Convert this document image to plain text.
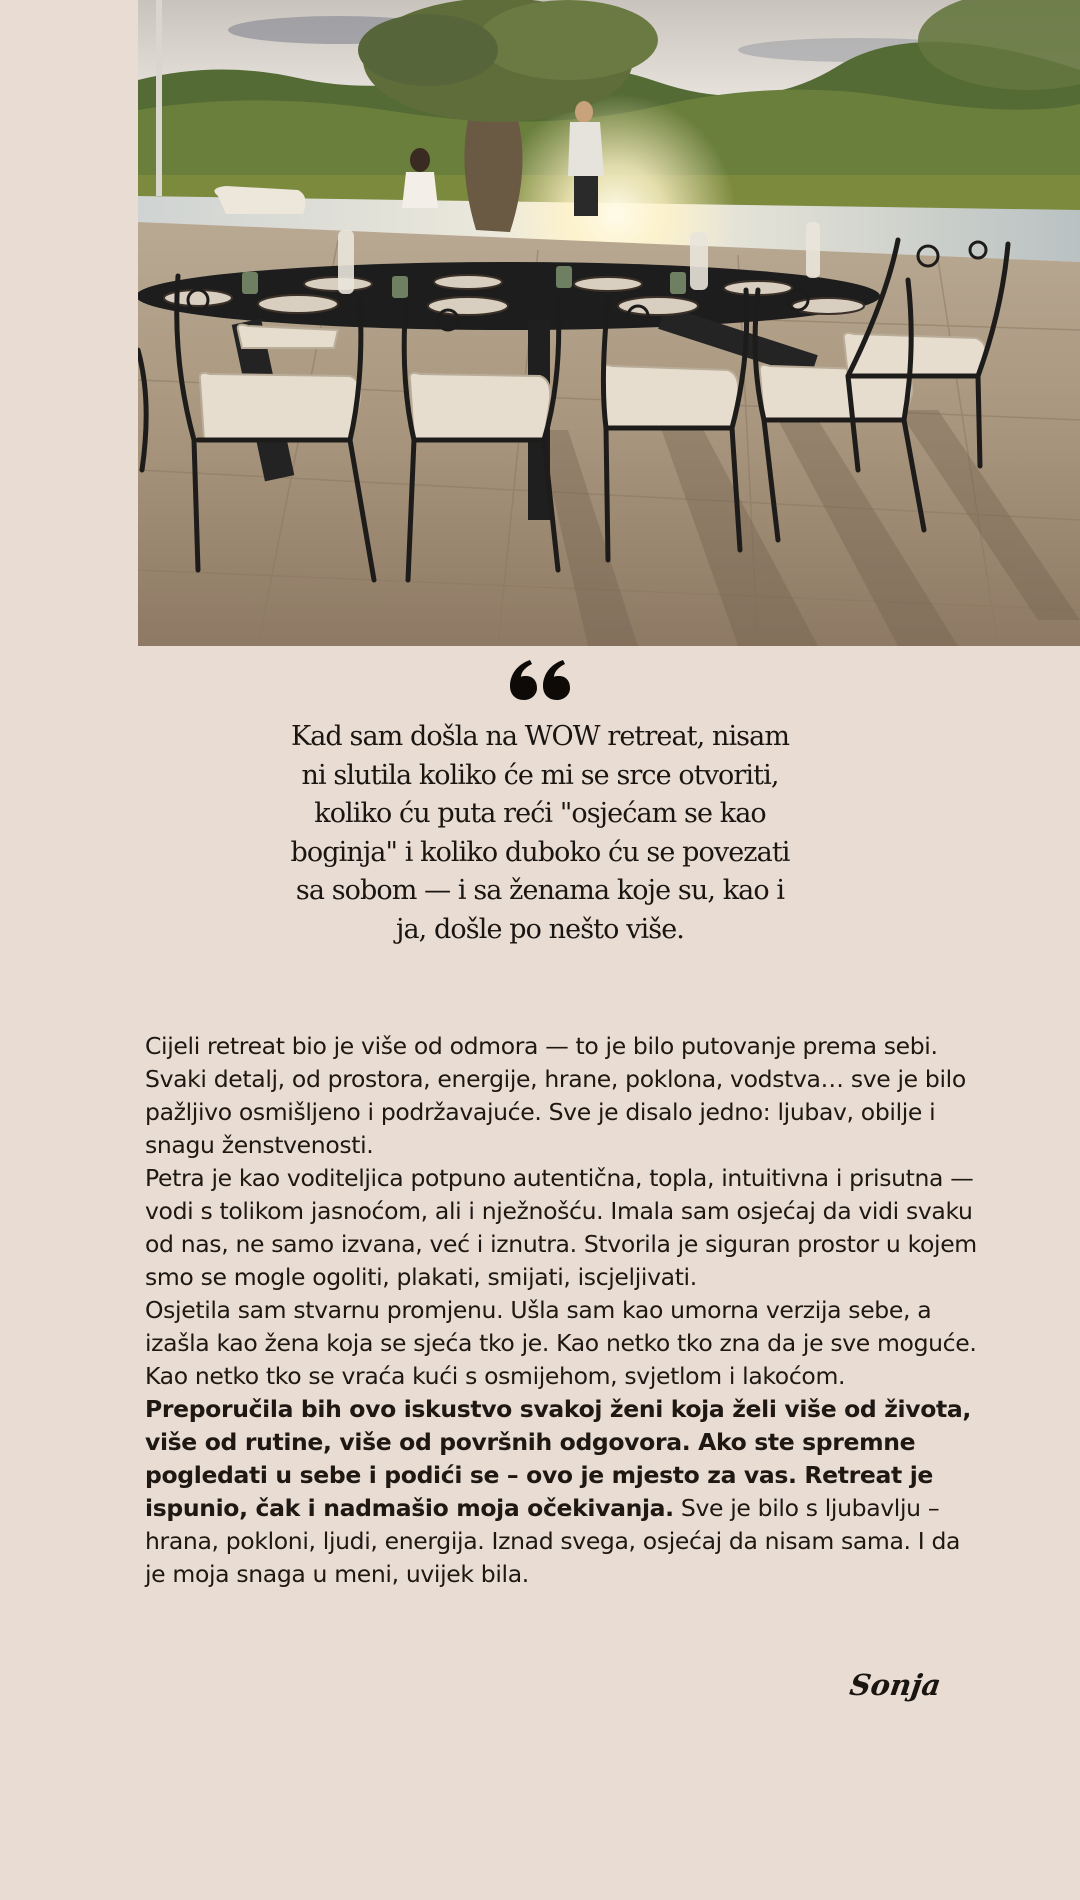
Kad sam došla na WOW retreat, nisam ni slutila koliko će mi se srce otvoriti, koliko ću puta reći "osjećam se kao boginja" i koliko duboko ću se povezati sa sobom — i sa ženama koje su, kao i ja, došle po nešto više.

Cijeli retreat bio je više od odmora — to je bilo putovanje prema sebi. Svaki detalj, od prostora, energije, hrane, poklona, vodstva… sve je bilo pažljivo osmišljeno i podržavajuće. Sve je disalo jedno: ljubav, obilje i snagu ženstvenosti.

Petra je kao voditeljica potpuno autentična, topla, intuitivna i prisutna — vodi s tolikom jasnoćom, ali i nježnošću. Imala sam osjećaj da vidi svaku od nas, ne samo izvana, već i iznutra. Stvorila je siguran prostor u kojem smo se mogle ogoliti, plakati, smijati, iscjeljivati.

Osjetila sam stvarnu promjenu. Ušla sam kao umorna verzija sebe, a izašla kao žena koja se sjeća tko je. Kao netko tko zna da je sve moguće. Kao netko tko se vraća kući s osmijehom, svjetlom i lakoćom.

Preporučila bih ovo iskustvo svakoj ženi koja želi više od života, više od rutine, više od površnih odgovora. Ako ste spremne pogledati u sebe i podići se – ovo je mjesto za vas. Retreat je ispunio, čak i nadmašio moja očekivanja. Sve je bilo s ljubavlju – hrana, pokloni, ljudi, energija. Iznad svega, osjećaj da nisam sama. I da je moja snaga u meni, uvijek bila.

Sonja
